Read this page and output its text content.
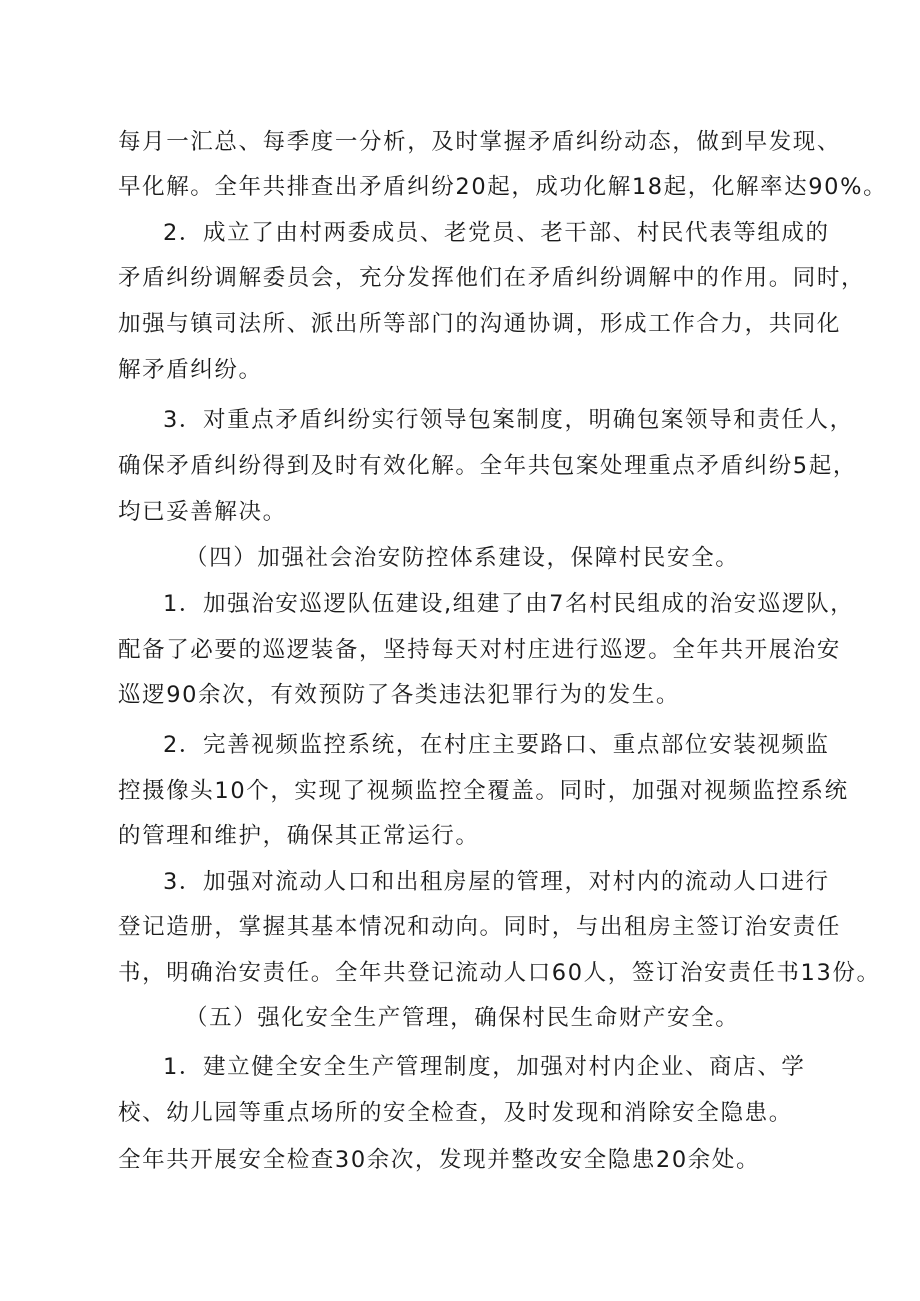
每月一汇总、每季度一分析，及时掌握矛盾纠纷动态，做到早发现、
早化解。全年共排查出矛盾纠纷20起，成功化解18起，化解率达90%。
2．成立了由村两委成员、老党员、老干部、村民代表等组成的
矛盾纠纷调解委员会，充分发挥他们在矛盾纠纷调解中的作用。同时，
加强与镇司法所、派出所等部门的沟通协调，形成工作合力，共同化
解矛盾纠纷。
3．对重点矛盾纠纷实行领导包案制度，明确包案领导和责任人，
确保矛盾纠纷得到及时有效化解。全年共包案处理重点矛盾纠纷5起，
均已妥善解决。
（四）加强社会治安防控体系建设，保障村民安全。
1．加强治安巡逻队伍建设,组建了由7名村民组成的治安巡逻队，
配备了必要的巡逻装备，坚持每天对村庄进行巡逻。全年共开展治安
巡逻90余次，有效预防了各类违法犯罪行为的发生。
2．完善视频监控系统，在村庄主要路口、重点部位安装视频监
控摄像头10个，实现了视频监控全覆盖。同时，加强对视频监控系统
的管理和维护，确保其正常运行。
3．加强对流动人口和出租房屋的管理，对村内的流动人口进行
登记造册，掌握其基本情况和动向。同时，与出租房主签订治安责任
书，明确治安责任。全年共登记流动人口60人，签订治安责任书13份。
（五）强化安全生产管理，确保村民生命财产安全。
1．建立健全安全生产管理制度，加强对村内企业、商店、学
校、幼儿园等重点场所的安全检查，及时发现和消除安全隐患。
全年共开展安全检查30余次，发现并整改安全隐患20余处。
